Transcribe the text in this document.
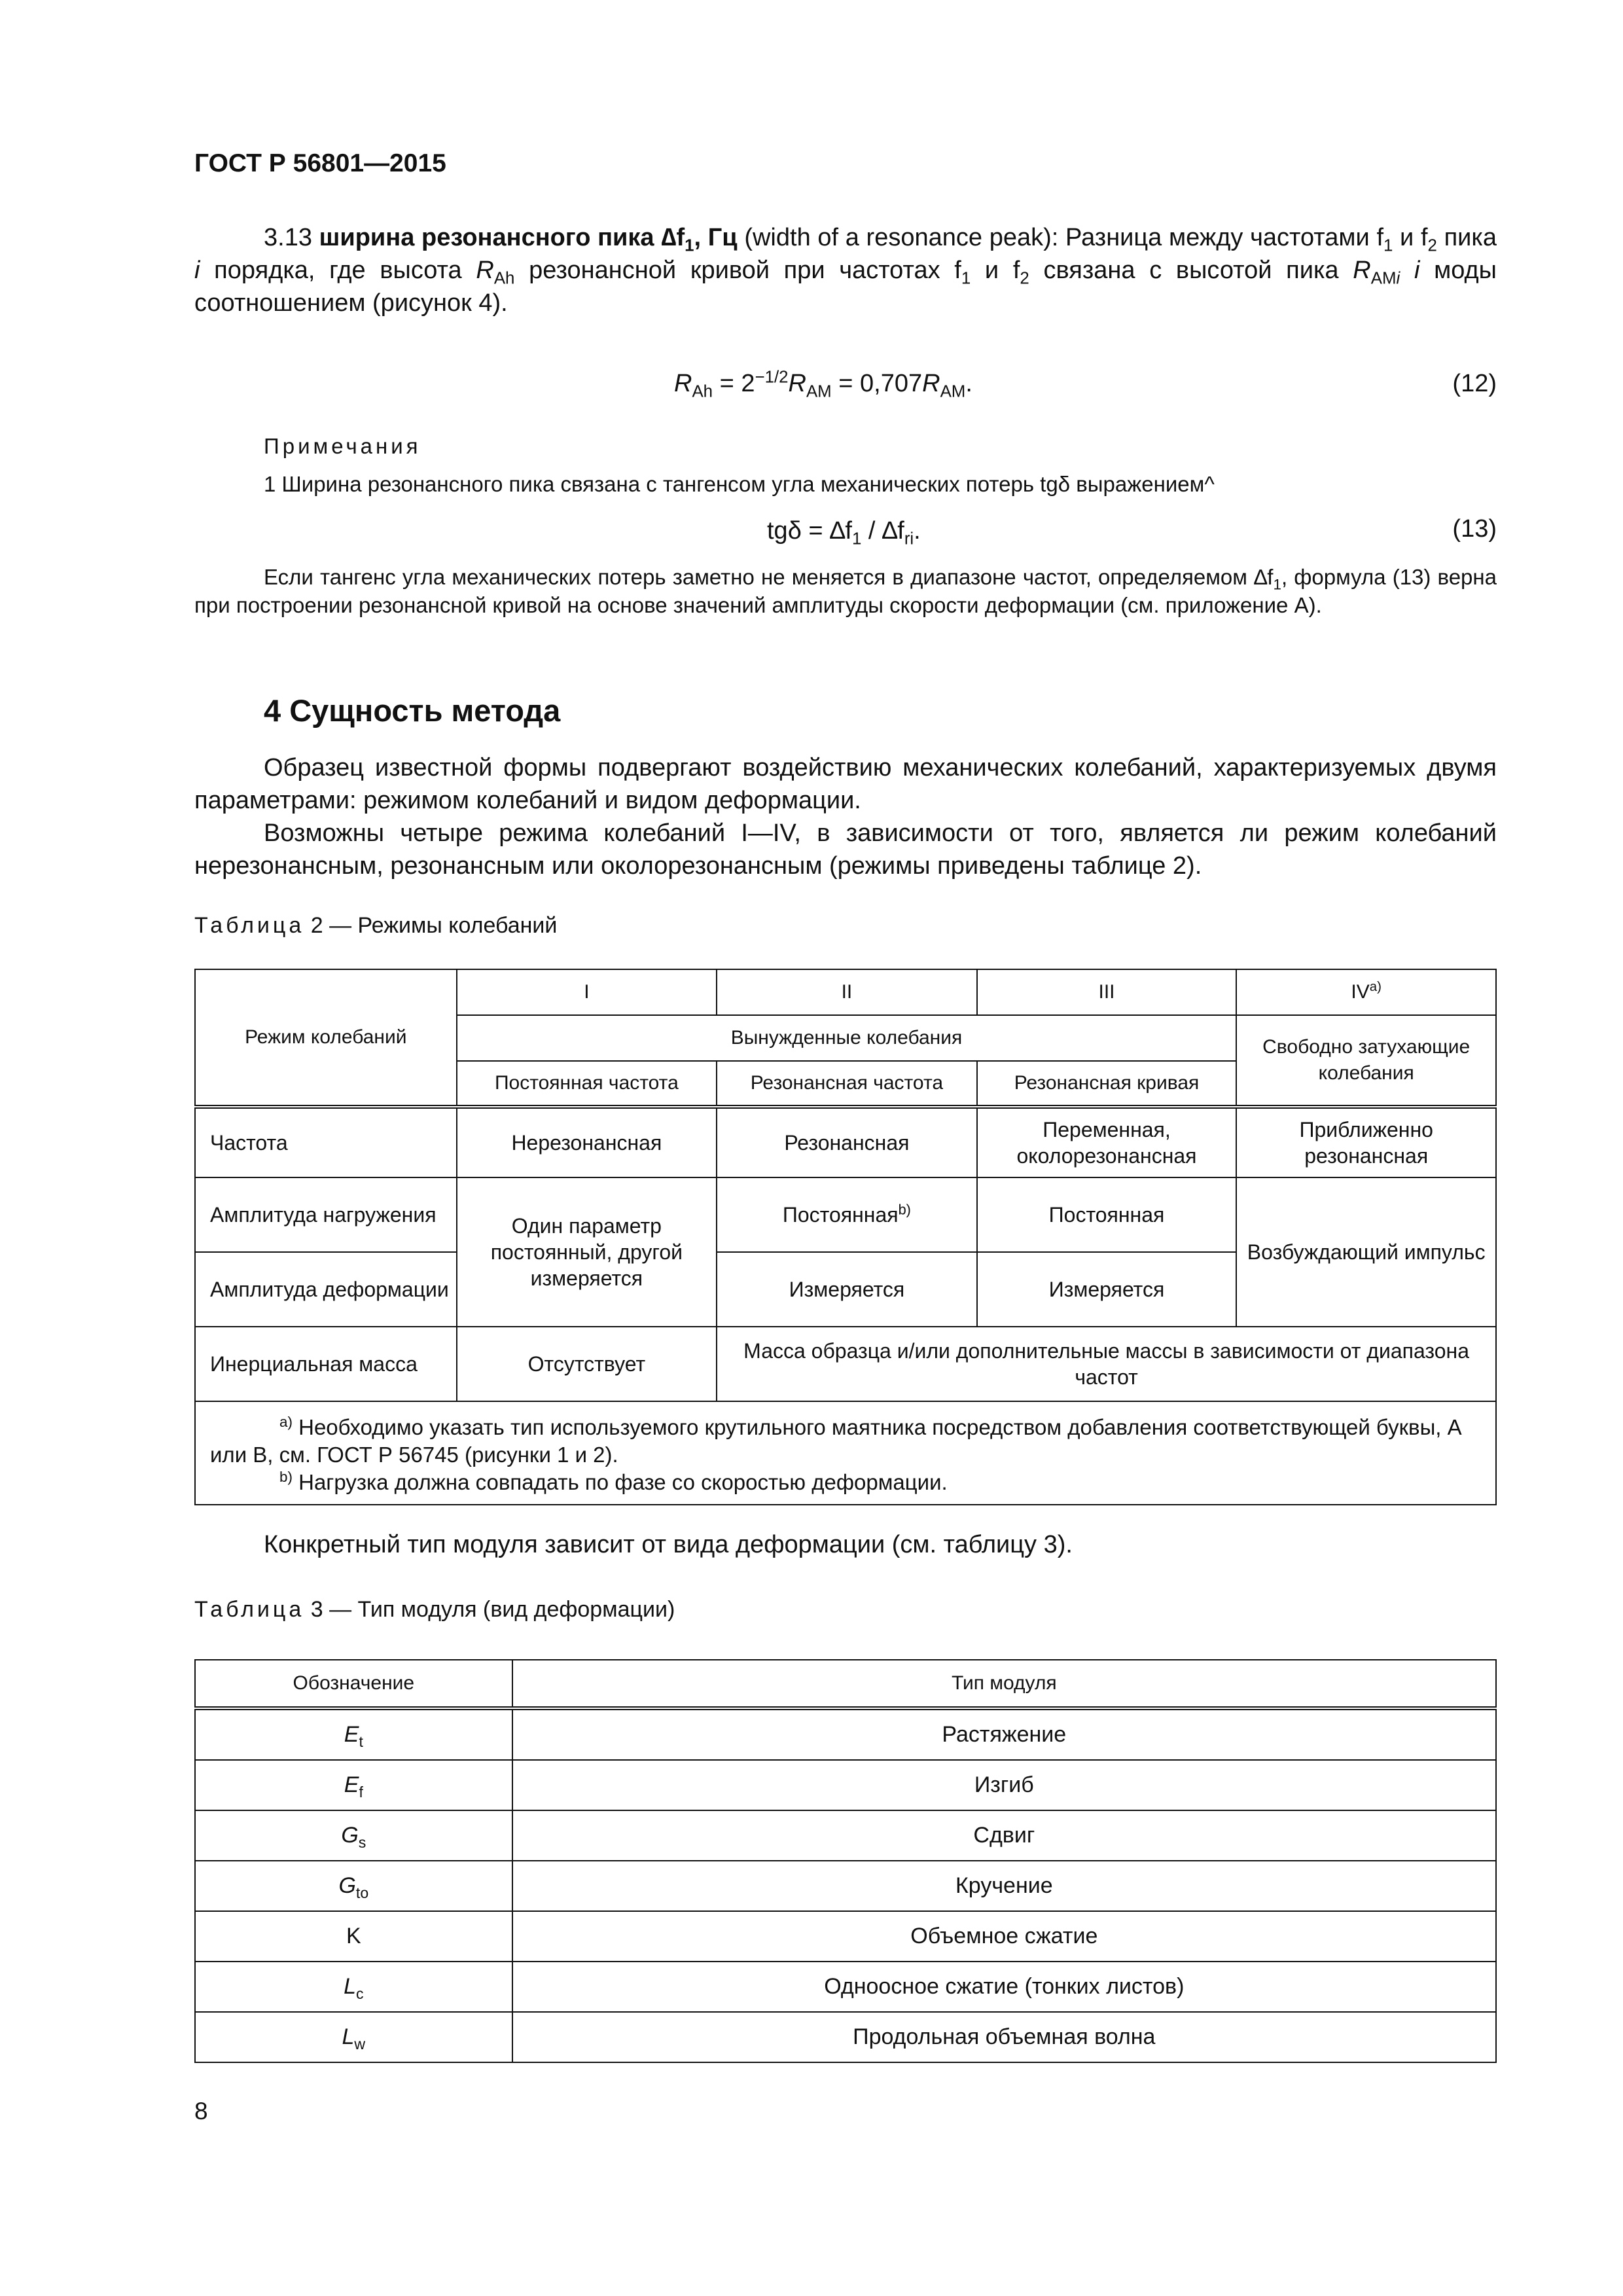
ГОСТ Р 56801—2015
3.13 ширина резонансного пика $\Delta f_1$, Гц (width of a resonance peak): Разница между частотами $f_1$ и $f_2$ пика i порядка, где высота $R_{Ah}$ резонансной кривой при частотах $f_1$ и $f_2$ связана с высотой пика $R_{AMi}$ i моды соотношением (рисунок 4).
$R_{Ah} = 2^{-1/2}R_{AM} = 0,707R_{AM}$.	(12)
Примечания
1 Ширина резонансного пика связана с тангенсом угла механических потерь tgδ выражением^
$tg\delta = \Delta f_1 / \Delta f_{ri}$.	(13)
Если тангенс угла механических потерь заметно не меняется в диапазоне частот, определяемом $\Delta f_1$, формула (13) верна при построении резонансной кривой на основе значений амплитуды скорости деформации (см. приложение А).
4 Сущность метода
Образец известной формы подвергают воздействию механических колебаний, характеризуемых двумя параметрами: режимом колебаний и видом деформации.
Возможны четыре режима колебаний I—IV, в зависимости от того, является ли режим колебаний нерезонансным, резонансным или околорезонансным (режимы приведены таблице 2).
Таблица 2 — Режимы колебаний
Режим колебаний	I	II	III	IV$^{a)}$
	Вынужденные колебания			Свободно затухающие колебания
	Постоянная частота	Резонансная частота	Резонансная кривая	
Частота	Нерезонансная	Резонансная	Переменная, околорезонансная	Приближенно резонансная
Амплитуда нагружения	Один параметр постоянный, другой измеряется	Постоянная$^{b)}$	Постоянная	Возбуждающий импульс
Амплитуда деформации		Измеряется	Измеряется	
Инерциальная масса	Отсутствует	Масса образца и/или дополнительные массы в зависимости от диапазона частот		

$^{a)}$ Необходимо указать тип используемого крутильного маятника посредством добавления соответствующей буквы, А или В, см. ГОСТ Р 56745 (рисунки 1 и 2).
$^{b)}$ Нагрузка должна совпадать по фазе со скоростью деформации.				
Конкретный тип модуля зависит от вида деформации (см. таблицу 3).
Таблица 3 — Тип модуля (вид деформации)
Обозначение	Тип модуля
$E_t$	Растяжение
$E_f$	Изгиб
$G_s$	Сдвиг
$G_{to}$	Кручение
K	Объемное сжатие
$L_c$	Одноосное сжатие (тонких листов)
$L_w$	Продольная объемная волна
8
